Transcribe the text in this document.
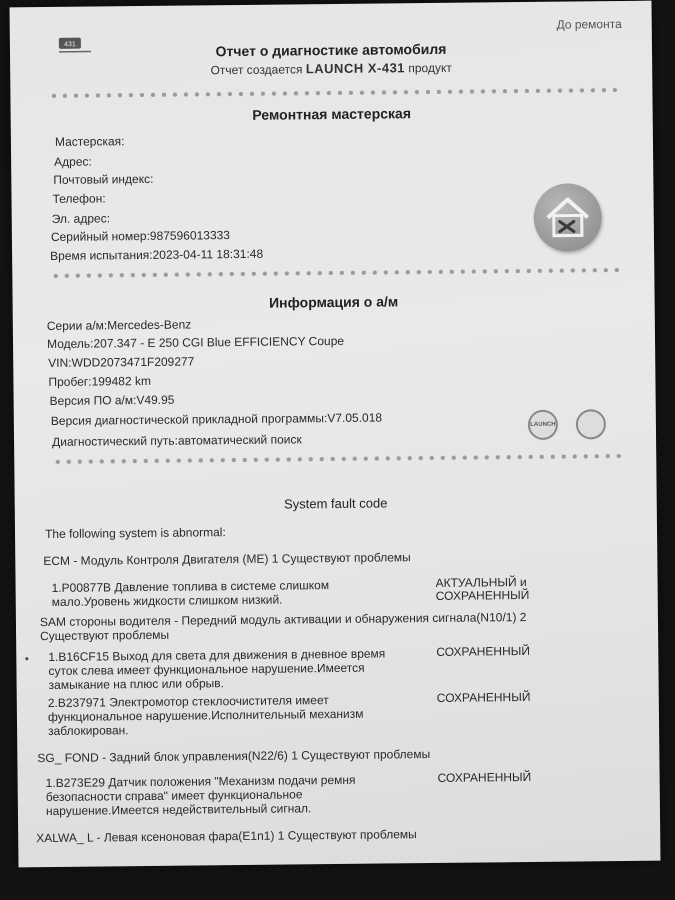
До ремонта
431	Отчет о диагностике автомобиля
Отчет создается LAUNCH X-431 продукт
Ремонтная мастерская
Мастерская:
Адрес:
Почтовый индекс:
Телефон:
Эл. адрес:
Серийный номер:987596013333
Время испытания:2023-04-11 18:31:48
Информация о а/м
Серии а/м:Mercedes-Benz
Модель:207.347 - E 250 CGI Blue EFFICIENCY Coupe
VIN:WDD2073471F209277
Пробег:199482 km
Версия ПО а/м:V49.95
Версия диагностической прикладной программы:V7.05.018
Диагностический путь:автоматический поиск
LAUNCH
System fault code
The following system is abnormal:
ECM - Модуль Контроля Двигателя (ME) 1 Существуют проблемы
1.P00877B Давление топлива в системе слишком мало.Уровень жидкости слишком низкий.
АКТУАЛЬНЫЙ и СОХРАНЕННЫЙ
SAM стороны водителя - Передний модуль активации и обнаружения сигнала(N10/1) 2 Существуют проблемы
1.B16CF15 Выход для света для движения в дневное время суток слева имеет функциональное нарушение.Имеется замыкание на плюс или обрыв.
СОХРАНЕННЫЙ
2.B237971 Электромотор стеклоочистителя имеет функциональное нарушение.Исполнительный механизм заблокирован.
СОХРАНЕННЫЙ
SG_ FOND - Задний блок управления(N22/6) 1 Существуют проблемы
1.B273E29 Датчик положения "Механизм подачи ремня безопасности справа" имеет функциональное нарушение.Имеется недействительный сигнал.
СОХРАНЕННЫЙ
XALWA_ L - Левая ксеноновая фара(E1n1) 1 Существуют проблемы
